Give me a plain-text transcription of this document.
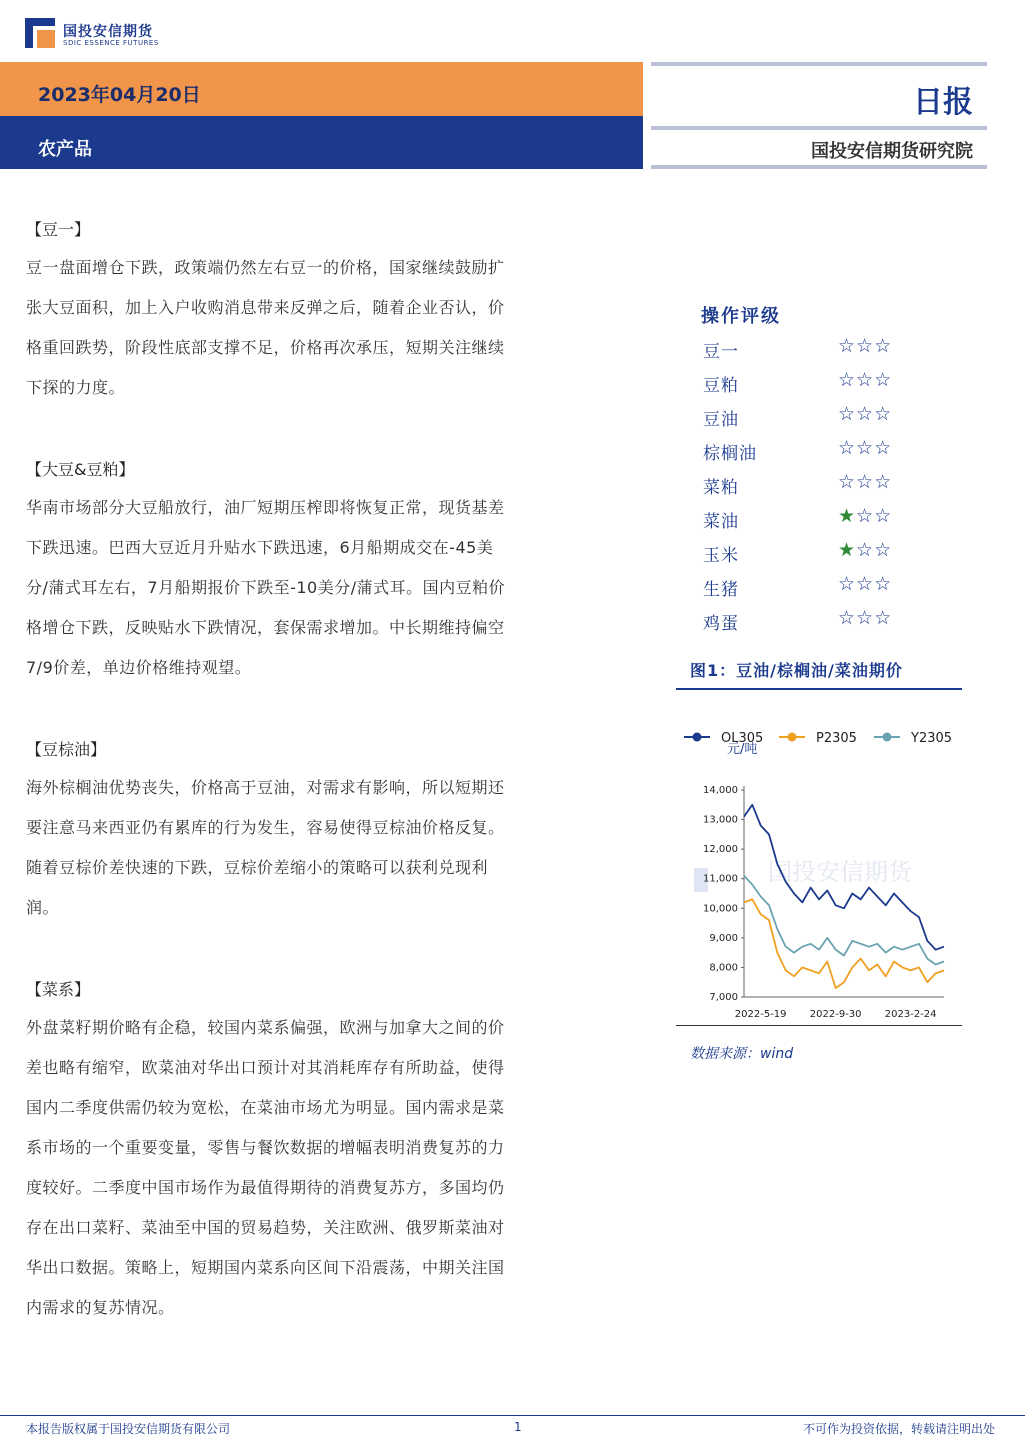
国投安信期货
SDIC ESSENCE FUTURES
2023年04月20日
农产品
日报
国投安信期货研究院
【豆一】
豆一盘面增仓下跌，政策端仍然左右豆一的价格，国家继续鼓励扩
张大豆面积，加上入户收购消息带来反弹之后，随着企业否认，价
格重回跌势，阶段性底部支撑不足，价格再次承压，短期关注继续
下探的力度。
【大豆&豆粕】
华南市场部分大豆船放行，油厂短期压榨即将恢复正常，现货基差
下跌迅速。巴西大豆近月升贴水下跌迅速，6月船期成交在-45美
分/蒲式耳左右，7月船期报价下跌至-10美分/蒲式耳。国内豆粕价
格增仓下跌，反映贴水下跌情况，套保需求增加。中长期维持偏空
7/9价差，单边价格维持观望。
【豆棕油】
海外棕榈油优势丧失，价格高于豆油，对需求有影响，所以短期还
要注意马来西亚仍有累库的行为发生，容易使得豆棕油价格反复。
随着豆棕价差快速的下跌，豆棕价差缩小的策略可以获利兑现利
润。
【菜系】
外盘菜籽期价略有企稳，较国内菜系偏强，欧洲与加拿大之间的价
差也略有缩窄，欧菜油对华出口预计对其消耗库存有所助益，使得
国内二季度供需仍较为宽松，在菜油市场尤为明显。国内需求是菜
系市场的一个重要变量，零售与餐饮数据的增幅表明消费复苏的力
度较好。二季度中国市场作为最值得期待的消费复苏方，多国均仍
存在出口菜籽、菜油至中国的贸易趋势，关注欧洲、俄罗斯菜油对
华出口数据。策略上，短期国内菜系向区间下沿震荡，中期关注国
内需求的复苏情况。
操作评级
豆一	☆☆☆
豆粕	☆☆☆
豆油	☆☆☆
棕榈油	☆☆☆
菜粕	☆☆☆
菜油	★☆☆
玉米	★☆☆
生猪	☆☆☆
鸡蛋	☆☆☆
图1：豆油/棕榈油/菜油期价
国投安信期货
OL305	P2305	Y2305
元/吨
7,000
8,000
9,000
10,000
11,000
12,000
13,000
14,000
2022-5-19 2022-9-30 2023-2-24
数据来源：wind
本报告版权属于国投安信期货有限公司	1	不可作为投资依据，转载请注明出处
